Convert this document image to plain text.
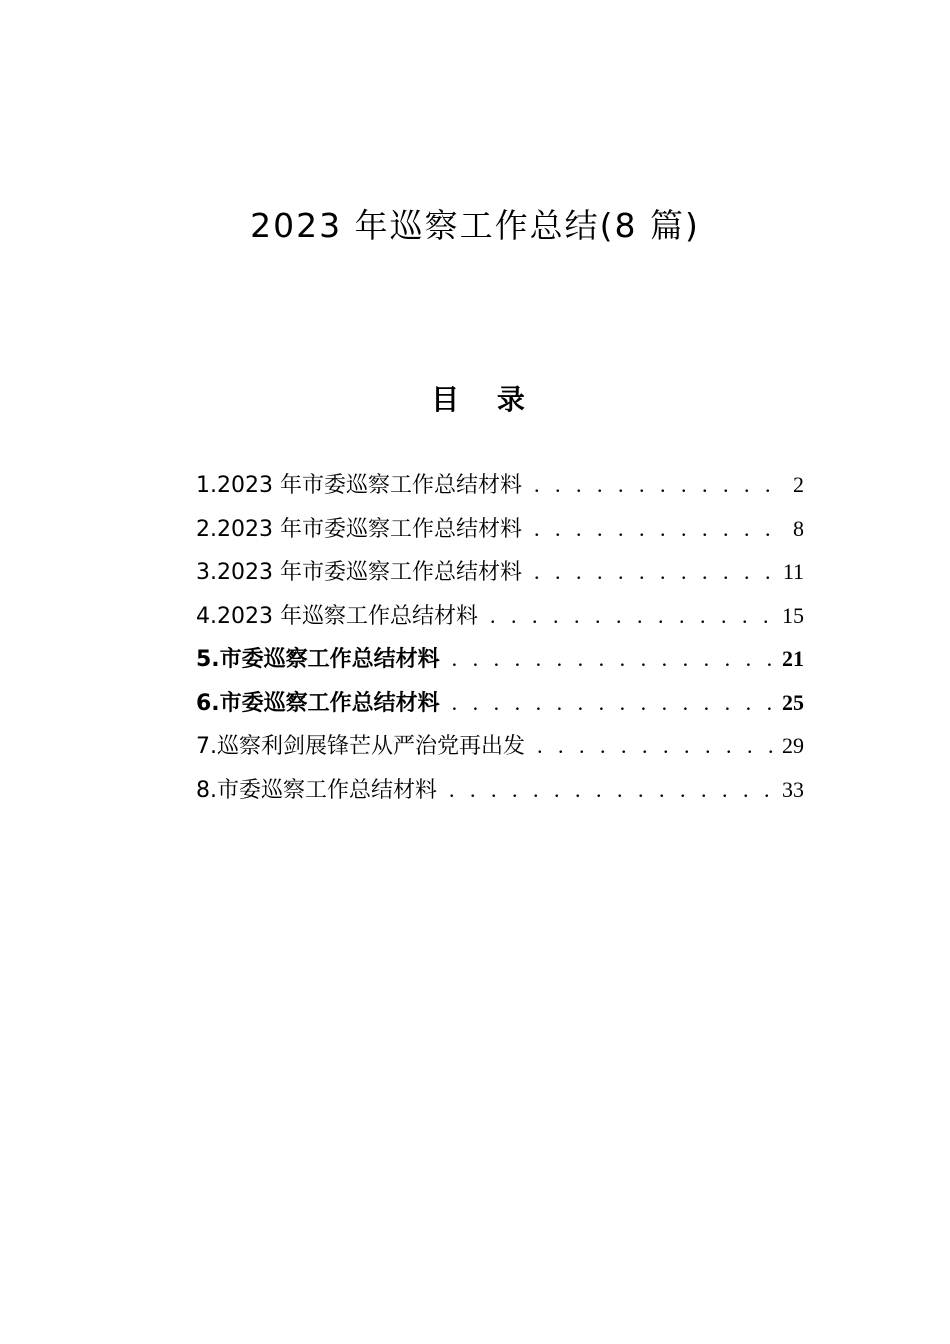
2023 年巡察工作总结(8 篇)
目 录
1.2023 年市委巡察工作总结材料 . . .	2
2.2023 年市委巡察工作总结材料 . . .	8
3.2023 年市委巡察工作总结材料 . . .	11
4.2023 年巡察工作总结材料 . . .	15
5.市委巡察工作总结材料 . . .	21
6.市委巡察工作总结材料 . . .	25
7.巡察利剑展锋芒从严治党再出发 . . .	29
8.市委巡察工作总结材料 . . .	33
